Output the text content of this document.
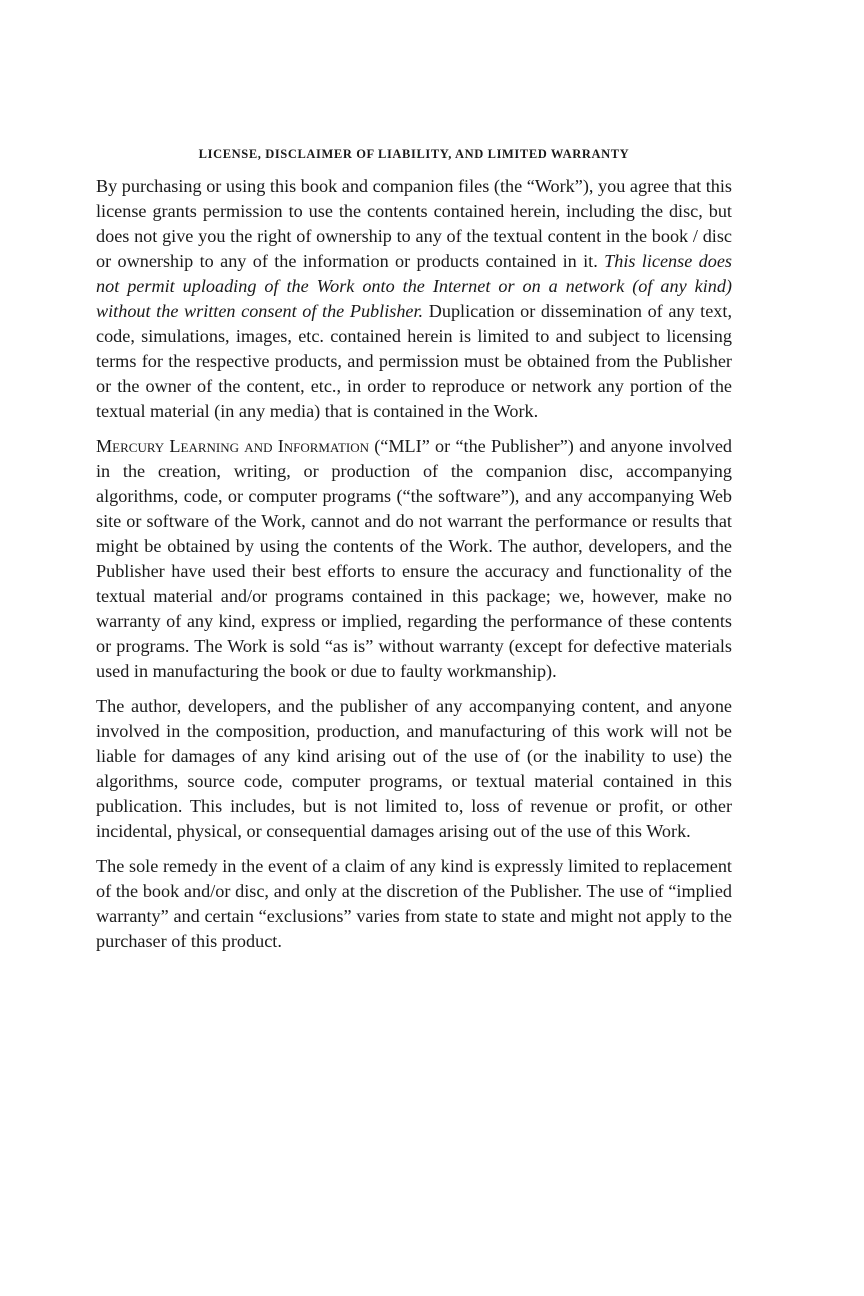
LICENSE, DISCLAIMER OF LIABILITY, AND LIMITED WARRANTY

By purchasing or using this book and companion files (the “Work”), you agree that this license grants permission to use the contents contained herein, including the disc, but does not give you the right of ownership to any of the textual content in the book / disc or ownership to any of the information or products contained in it. This license does not permit uploading of the Work onto the Internet or on a network (of any kind) without the written consent of the Publisher. Duplication or dissemination of any text, code, simulations, images, etc. contained herein is limited to and subject to licensing terms for the respective products, and permission must be obtained from the Publisher or the owner of the content, etc., in order to reproduce or network any portion of the textual material (in any media) that is contained in the Work.

Mercury Learning and Information (“MLI” or “the Publisher”) and anyone involved in the creation, writing, or production of the companion disc, accompanying algorithms, code, or computer programs (“the software”), and any accompanying Web site or software of the Work, cannot and do not warrant the performance or results that might be obtained by using the contents of the Work. The author, developers, and the Publisher have used their best efforts to ensure the accuracy and functionality of the textual material and/or programs contained in this package; we, however, make no warranty of any kind, express or implied, regarding the performance of these contents or programs. The Work is sold “as is” without warranty (except for defective materials used in manufacturing the book or due to faulty workmanship).

The author, developers, and the publisher of any accompanying content, and anyone involved in the composition, production, and manufacturing of this work will not be liable for damages of any kind arising out of the use of (or the inability to use) the algorithms, source code, computer programs, or textual material contained in this publication. This includes, but is not limited to, loss of revenue or profit, or other incidental, physical, or consequential damages arising out of the use of this Work.

The sole remedy in the event of a claim of any kind is expressly limited to replacement of the book and/or disc, and only at the discretion of the Publisher. The use of “implied warranty” and certain “exclusions” varies from state to state and might not apply to the purchaser of this product.
